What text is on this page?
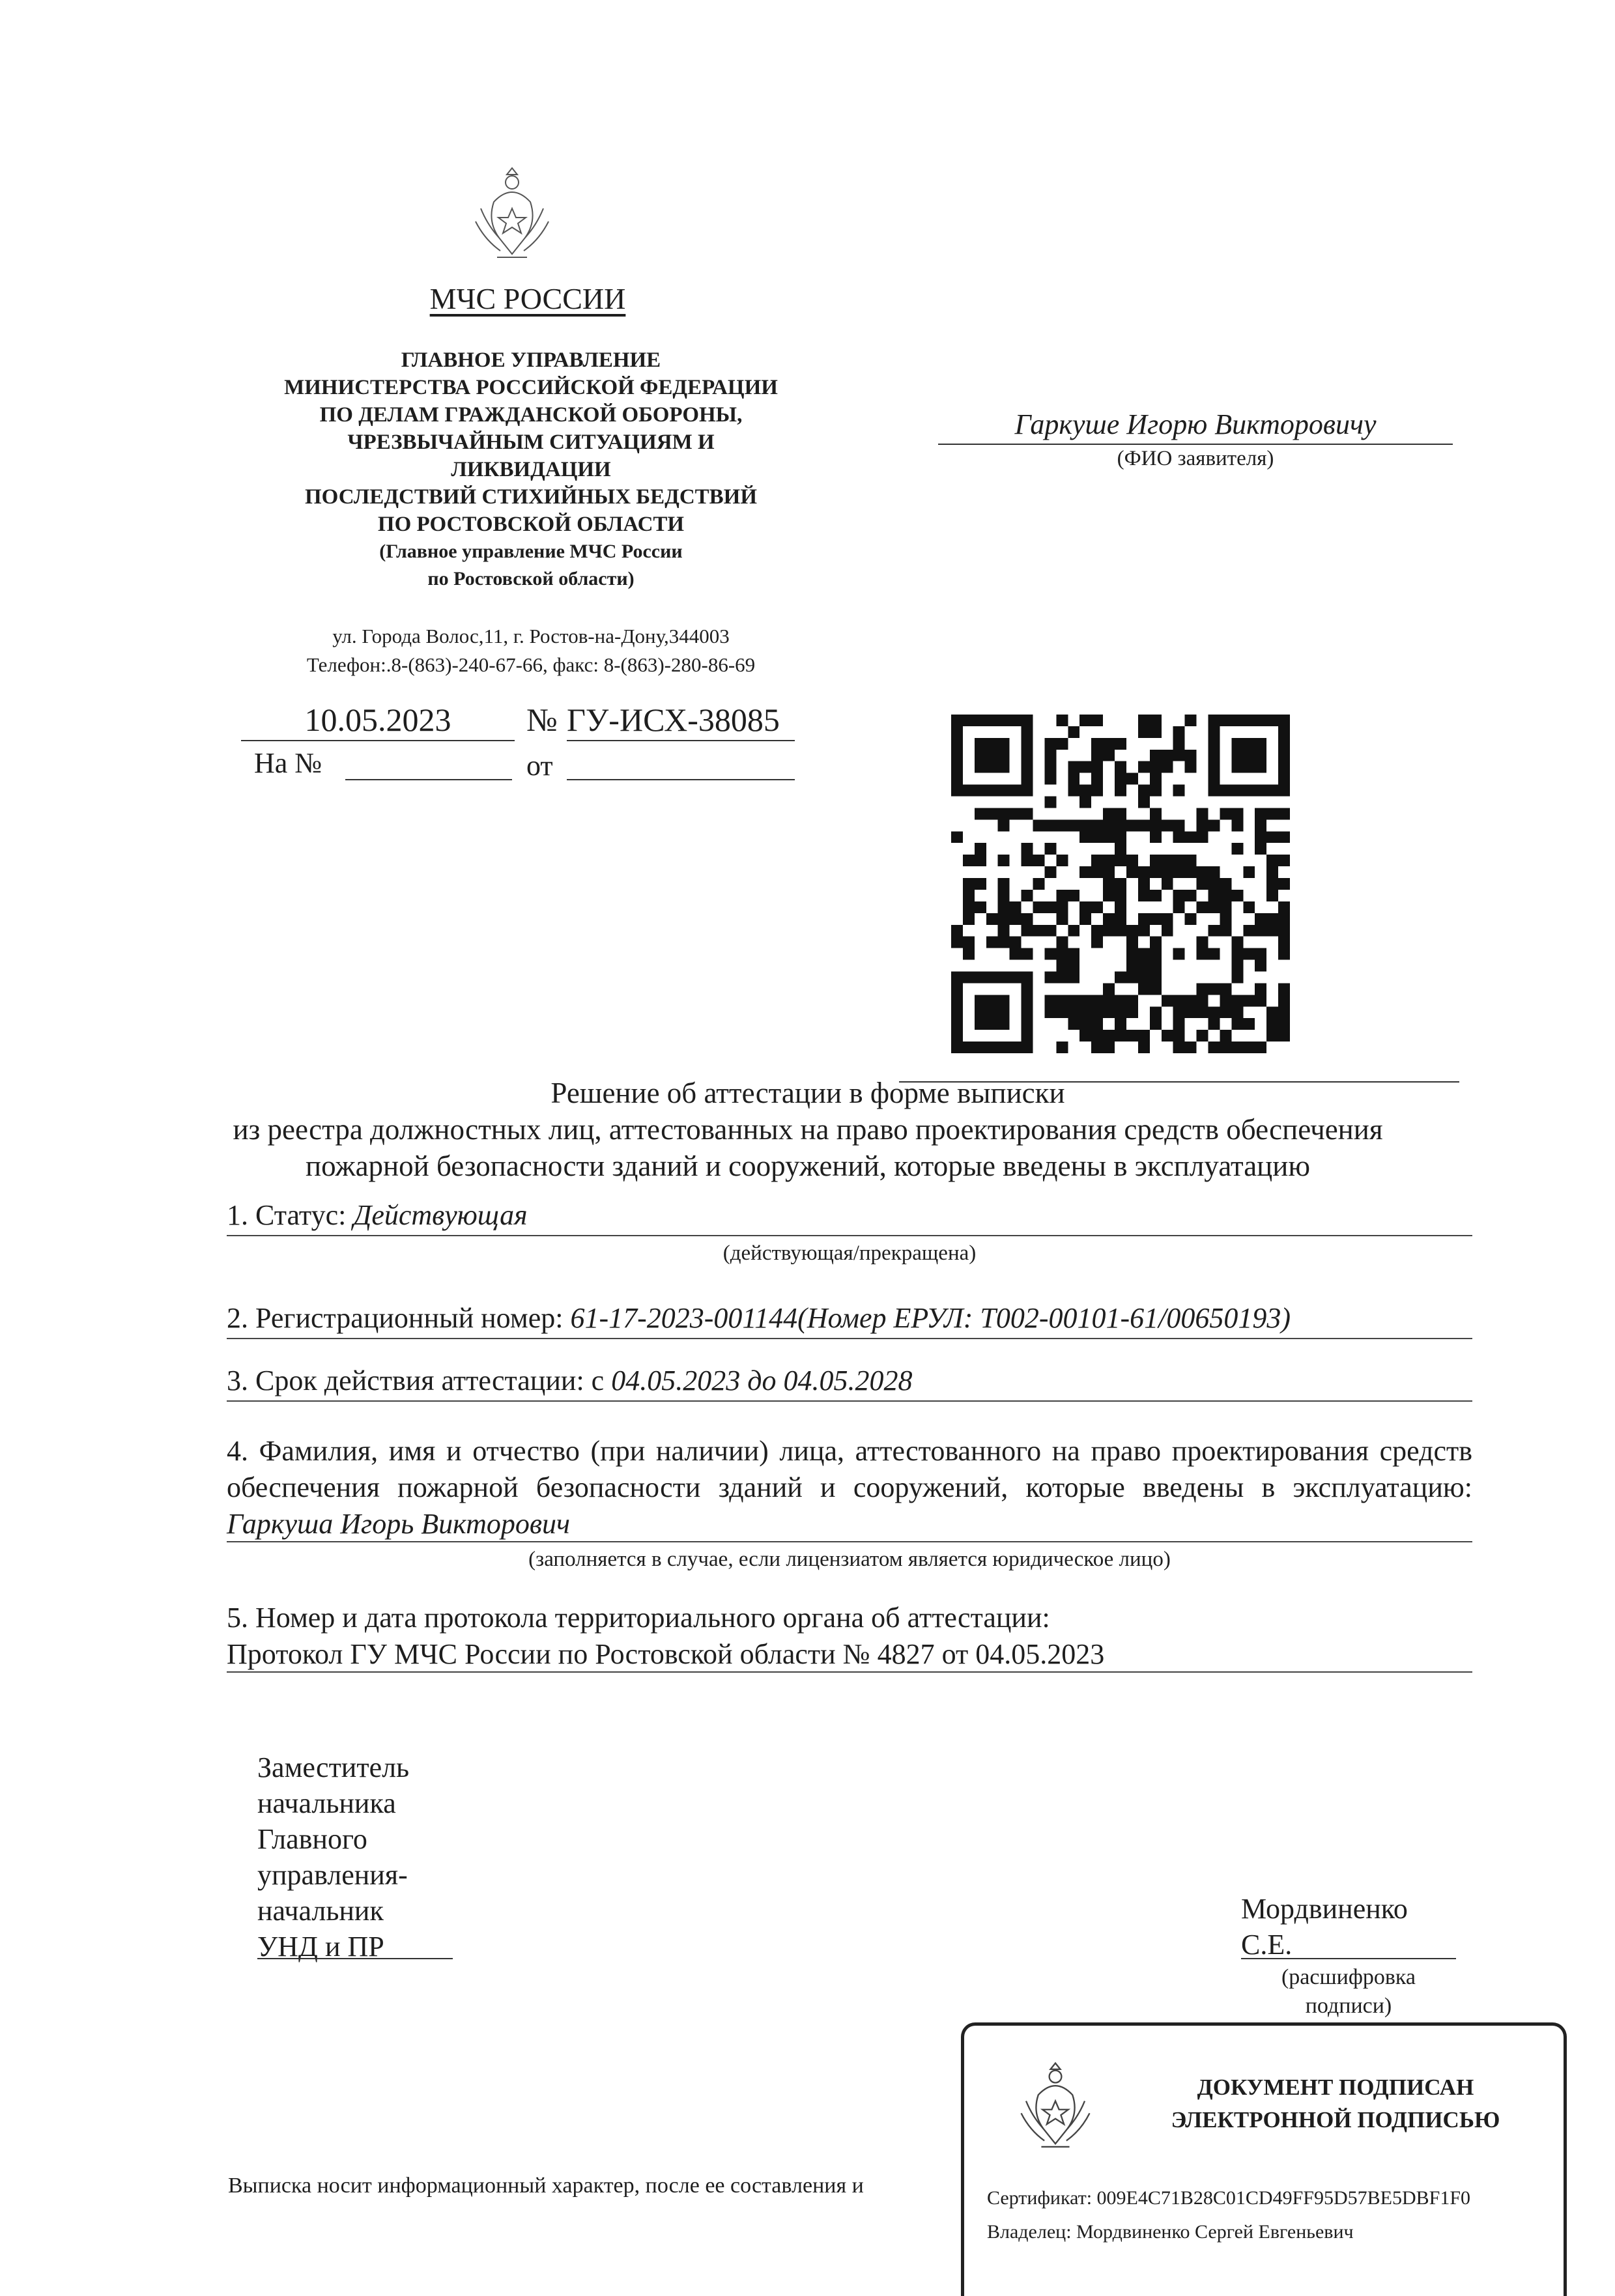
МЧС РОССИИ
ГЛАВНОЕ УПРАВЛЕНИЕ
МИНИСТЕРСТВА РОССИЙСКОЙ ФЕДЕРАЦИИ
ПО ДЕЛАМ ГРАЖДАНСКОЙ ОБОРОНЫ,
ЧРЕЗВЫЧАЙНЫМ СИТУАЦИЯМ И
ЛИКВИДАЦИИ
ПОСЛЕДСТВИЙ СТИХИЙНЫХ БЕДСТВИЙ
ПО РОСТОВСКОЙ ОБЛАСТИ
(Главное управление МЧС России
по Ростовской области)
ул. Города Волос,11, г. Ростов-на-Дону,344003
Телефон:.8-(863)-240-67-66, факс: 8-(863)-280-86-69
Гаркуше Игорю Викторовичу
(ФИО заявителя)
10.05.2023	№ ГУ-ИСХ-38085
На №	от
Решение об аттестации в форме выписки
из реестра должностных лиц, аттестованных на право проектирования средств обеспечения
пожарной безопасности зданий и сооружений, которые введены в эксплуатацию
1. Статус: Действующая
(действующая/прекращена)
2. Регистрационный номер: 61-17-2023-001144(Номер ЕРУЛ: Т002-00101-61/00650193)
3. Срок действия аттестации: с 04.05.2023 до 04.05.2028
4. Фамилия, имя и отчество (при наличии) лица, аттестованного на право проектирования средств обеспечения пожарной безопасности зданий и сооружений, которые введены в эксплуатацию: Гаркуша Игорь Викторович
(заполняется в случае, если лицензиатом является юридическое лицо)
5. Номер и дата протокола территориального органа об аттестации:
Протокол ГУ МЧС России по Ростовской области № 4827 от 04.05.2023
Заместитель
начальника
Главного
управления-
начальник
УНД и ПР
Мордвиненко
С.Е.
(расшифровка
подписи)
Выписка носит информационный характер, после ее составления и
ДОКУМЕНТ ПОДПИСАН
ЭЛЕКТРОННОЙ ПОДПИСЬЮ
Сертификат: 009E4C71B28C01CD49FF95D57BE5DBF1F0
Владелец: Мордвиненко Сергей Евгеньевич
